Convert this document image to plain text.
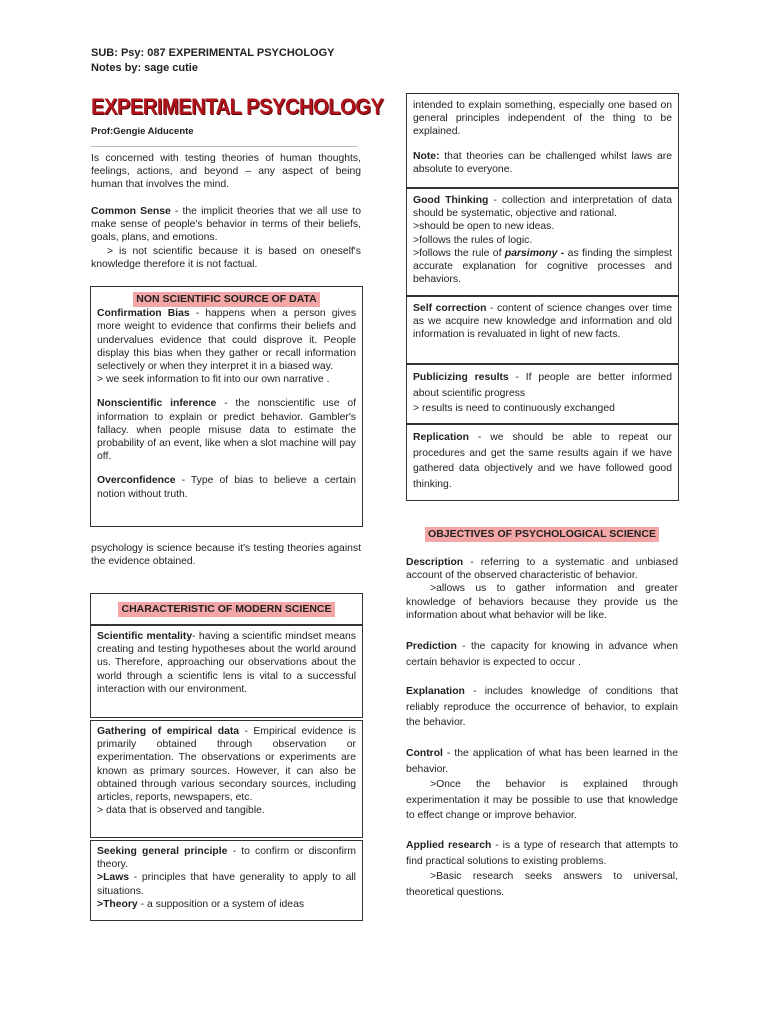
SUB: Psy: 087 EXPERIMENTAL PSYCHOLOGY
Notes by: sage cutie
EXPERIMENTAL PSYCHOLOGY
Prof:Gengie Alducente
Is concerned with testing theories of human thoughts, feelings, actions, and beyond – any aspect of being human that involves the mind.
Common Sense - the implicit theories that we all use to make sense of people's behavior in terms of their beliefs, goals, plans, and emotions.
> is not scientific because it is based on oneself's knowledge therefore it is not factual.
NON SCIENTIFIC SOURCE OF DATA

Confirmation Bias - happens when a person gives more weight to evidence that confirms their beliefs and undervalues evidence that could disprove it. People display this bias when they gather or recall information selectively or when they interpret it in a biased way.

> we seek information to fit into our own narrative .

Nonscientific inference - the nonscientific use of information to explain or predict behavior. Gambler's fallacy. when people misuse data to estimate the probability of an event, like when a slot machine will pay off.

Overconfidence - Type of bias to believe a certain notion without truth.

psychology is science because it's testing theories against the evidence obtained.
CHARACTERISTIC OF MODERN SCIENCE

Scientific mentality- having a scientific mindset means creating and testing hypotheses about the world around us. Therefore, approaching our observations about the world through a scientific lens is vital to a successful interaction with our environment.

Gathering of empirical data - Empirical evidence is primarily obtained through observation or experimentation. The observations or experiments are known as primary sources. However, it can also be obtained through various secondary sources, including articles, reports, newspapers, etc.

> data that is observed and tangible.

Seeking general principle - to confirm or disconfirm theory.

>Laws - principles that have generality to apply to all situations.

>Theory - a supposition or a system of ideas

intended to explain something, especially one based on general principles independent of the thing to be explained.

Note: that theories can be challenged whilst laws are absolute to everyone.

Good Thinking - collection and interpretation of data should be systematic, objective and rational.

>should be open to new ideas.

>follows the rules of logic.

>follows the rule of parsimony - as finding the simplest accurate explanation for cognitive processes and behaviors.

Self correction - content of science changes over time as we acquire new knowledge and information and old information is revaluated in light of new facts.

Publicizing results - If people are better informed about scientific progress

> results is need to continuously exchanged

Replication - we should be able to repeat our procedures and get the same results again if we have gathered data objectively and we have followed good thinking.

OBJECTIVES OF PSYCHOLOGICAL SCIENCE

Description - referring to a systematic and unbiased account of the observed characteristic of behavior.

>allows us to gather information and greater knowledge of behaviors because they provide us the information about what behavior will be like.

Prediction - the capacity for knowing in advance when certain behavior is expected to occur .

Explanation - includes knowledge of conditions that reliably reproduce the occurrence of behavior, to explain the behavior.

Control - the application of what has been learned in the behavior.

>Once the behavior is explained through experimentation it may be possible to use that knowledge to effect change or improve behavior.

Applied research - is a type of research that attempts to find practical solutions to existing problems.

>Basic research seeks answers to universal, theoretical questions.
